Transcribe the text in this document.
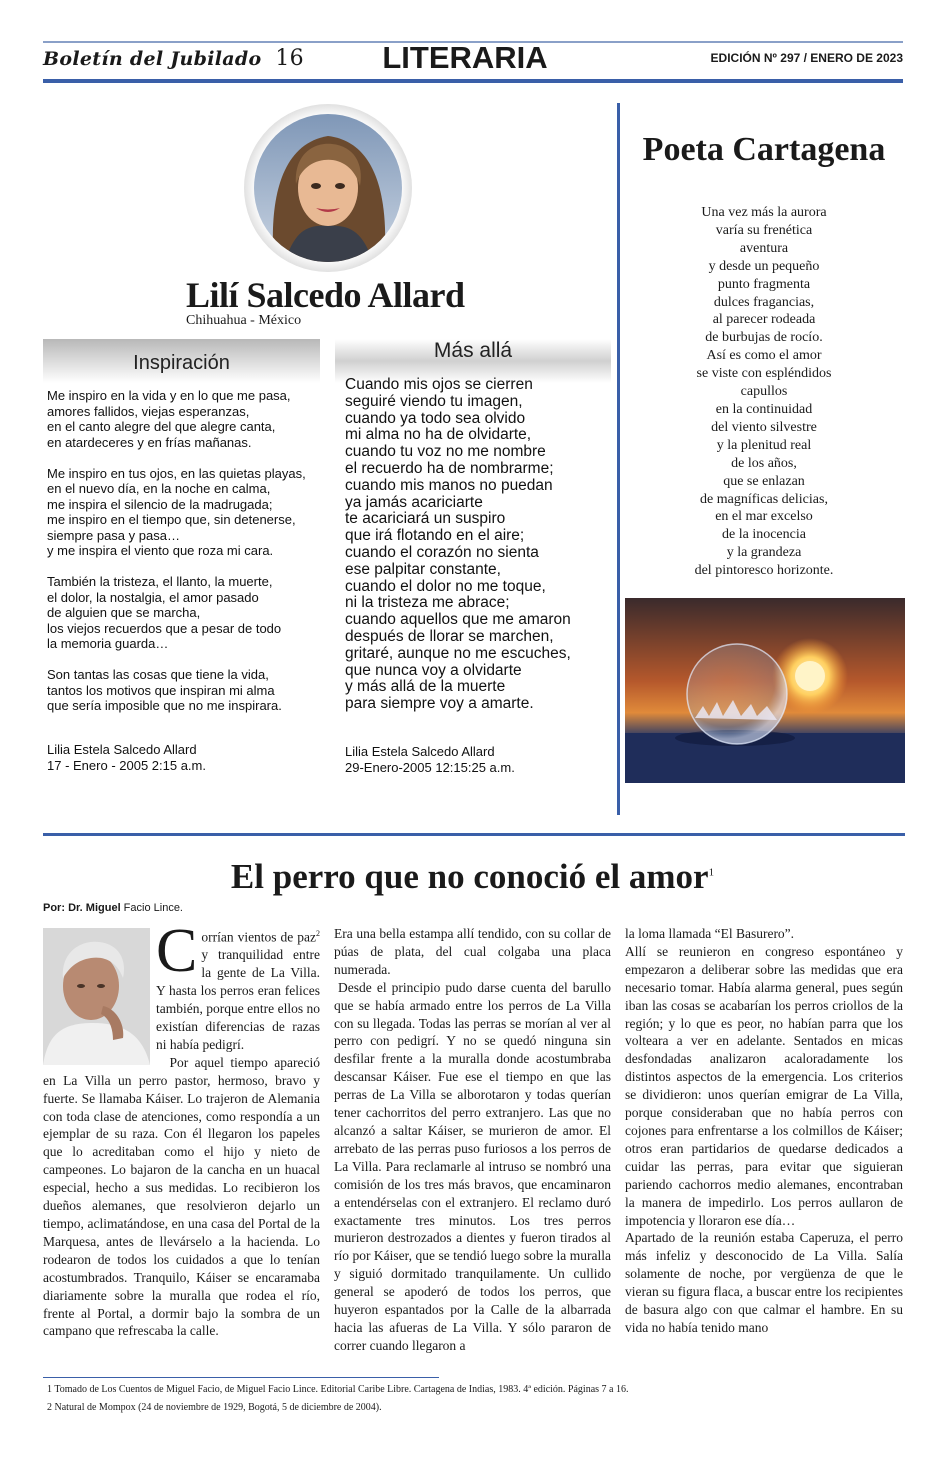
Boletín del Jubilado 16	LITERARIA	EDICIÓN Nº 297 / ENERO DE 2023
Lilí Salcedo Allard
Chihuahua - México
Inspiración
Me inspiro en la vida y en lo que me pasa,
amores fallidos, viejas esperanzas,
en el canto alegre del que alegre canta,
en atardeceres y en frías mañanas.

Me inspiro en tus ojos, en las quietas playas,
en el nuevo día, en la noche en calma,
me inspira el silencio de la madrugada;
me inspiro en el tiempo que, sin detenerse,
siempre pasa y pasa…
y me inspira el viento que roza mi cara.

También la tristeza, el llanto, la muerte,
el dolor, la nostalgia, el amor pasado
de alguien que se marcha,
los viejos recuerdos que a pesar de todo
la memoria guarda…

Son tantas las cosas que tiene la vida,
tantos los motivos que inspiran mi alma
que sería imposible que no me inspirara.
Lilia Estela Salcedo Allard
17 - Enero - 2005 2:15 a.m.
Más allá
Cuando mis ojos se cierren
seguiré viendo tu imagen,
cuando ya todo sea olvido
mi alma no ha de olvidarte,
cuando tu voz no me nombre
el recuerdo ha de nombrarme;
cuando mis manos no puedan
ya jamás acariciarte
te acariciará un suspiro
que irá flotando en el aire;
cuando el corazón no sienta
ese palpitar constante,
cuando el dolor no me toque,
ni la tristeza me abrace;
cuando aquellos que me amaron
después de llorar se marchen,
gritaré, aunque no me escuches,
que nunca voy a olvidarte
y más allá de la muerte
para siempre voy a amarte.
Lilia Estela Salcedo Allard
29-Enero-2005 12:15:25 a.m.
Poeta Cartagena
Una vez más la aurora
varía su frenética
aventura
y desde un pequeño
punto fragmenta
dulces fragancias,
al parecer rodeada
de burbujas de rocío.
Así es como el amor
se viste con espléndidos
capullos
en la continuidad
del viento silvestre
y la plenitud real
de los años,
que se enlazan
de magníficas delicias,
en el mar excelso
de la inocencia
y la grandeza
del pintoresco horizonte.
El perro que no conoció el amor$^1$
Por: Dr. Miguel Facio Lince.
Corrían vientos de paz$^2$ y tranquilidad entre la gente de La Villa. Y hasta los perros eran felices también, porque entre ellos no existían diferencias de razas ni había pedigrí.
Por aquel tiempo apareció en La Villa un perro pastor, hermoso, bravo y fuerte. Se llamaba Káiser. Lo trajeron de Alemania con toda clase de atenciones, como respondía a un ejemplar de su raza. Con él llegaron los papeles que lo acreditaban como el hijo y nieto de campeones. Lo bajaron de la cancha en un huacal especial, hecho a sus medidas. Lo recibieron los dueños alemanes, que resolvieron dejarlo un tiempo, aclimatándose, en una casa del Portal de la Marquesa, antes de llevárselo a la hacienda. Lo rodearon de todos los cuidados a que lo tenían acostumbrados. Tranquilo, Káiser se encaramaba diariamente sobre la muralla que rodea el río, frente al Portal, a dormir bajo la sombra de un campano que refrescaba la calle.
Era una bella estampa allí tendido, con su collar de púas de plata, del cual colgaba una placa numerada.
Desde el principio pudo darse cuenta del barullo que se había armado entre los perros de La Villa con su llegada. Todas las perras se morían al ver al perro con pedigrí. Y no se quedó ninguna sin desfilar frente a la muralla donde acostumbraba descansar Káiser. Fue ese el tiempo en que las perras de La Villa se alborotaron y todas querían tener cachorritos del perro extranjero. Las que no alcanzó a saltar Káiser, se murieron de amor. El arrebato de las perras puso furiosos a los perros de La Villa. Para reclamarle al intruso se nombró una comisión de los tres más bravos, que encaminaron a entendérselas con el extranjero. El reclamo duró exactamente tres minutos. Los tres perros murieron destrozados a dientes y fueron tirados al río por Káiser, que se tendió luego sobre la muralla y siguió dormitado tranquilamente. Un cullido general se apoderó de todos los perros, que huyeron espantados por la Calle de la albarrada hacia las afueras de La Villa. Y sólo pararon de correr cuando llegaron a
la loma llamada “El Basurero”.
Allí se reunieron en congreso espontáneo y empezaron a deliberar sobre las medidas que era necesario tomar. Había alarma general, pues según iban las cosas se acabarían los perros criollos de la región; y lo que es peor, no habían parra que los volteara a ver en adelante. Sentados en micas desfondadas analizaron acaloradamente los distintos aspectos de la emergencia. Los criterios se dividieron: unos querían emigrar de La Villa, porque consideraban que no había perros con cojones para enfrentarse a los colmillos de Káiser; otros eran partidarios de quedarse dedicados a cuidar las perras, para evitar que siguieran pariendo cachorros medio alemanes, encontraban la manera de impedirlo. Los perros aullaron de impotencia y lloraron ese día…
Apartado de la reunión estaba Caperuza, el perro más infeliz y desconocido de La Villa. Salía solamente de noche, por vergüenza de que le vieran su figura flaca, a buscar entre los recipientes de basura algo con que calmar el hambre. En su vida no había tenido mano
1 Tomado de Los Cuentos de Miguel Facio, de Miguel Facio Lince. Editorial Caribe Libre. Cartagena de Indias, 1983. 4ª edición. Páginas 7 a 16.
2 Natural de Mompox (24 de noviembre de 1929, Bogotá, 5 de diciembre de 2004).
